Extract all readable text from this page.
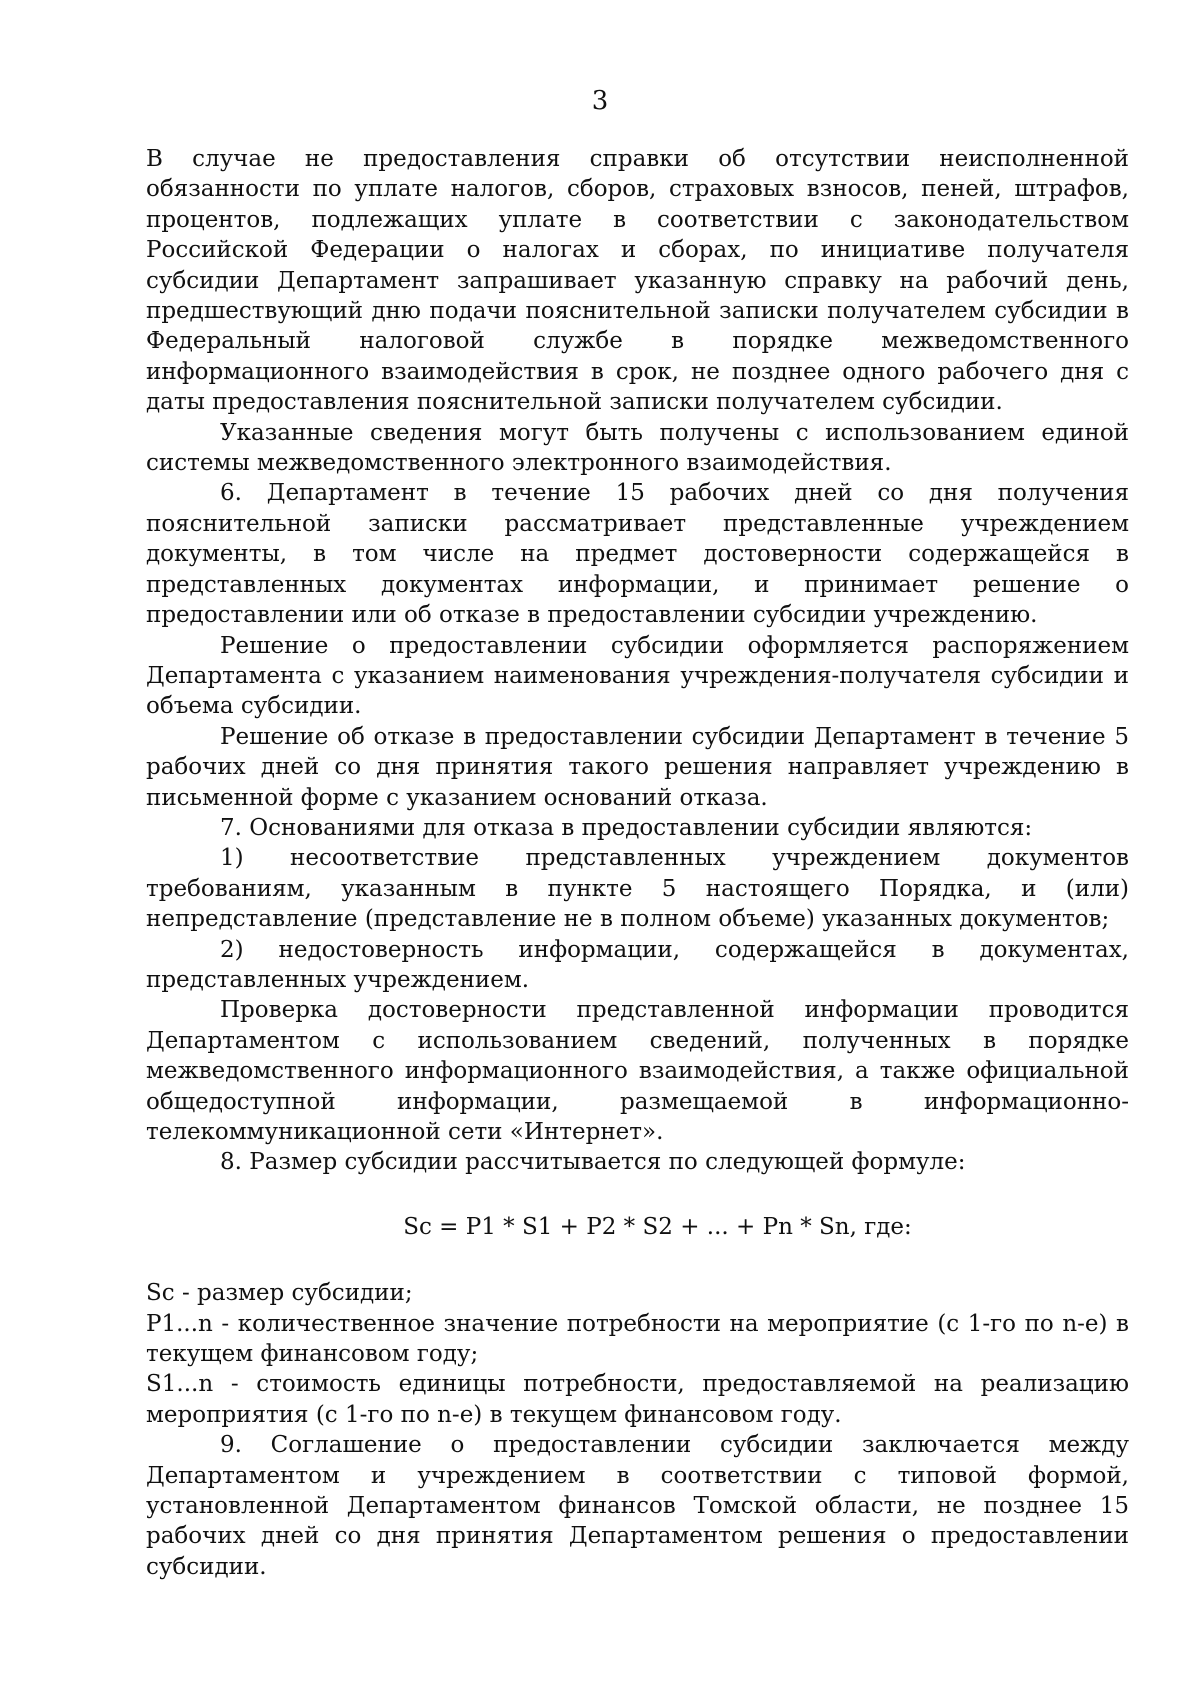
3

В случае не предоставления справки об отсутствии неисполненной обязанности по уплате налогов, сборов, страховых взносов, пеней, штрафов, процентов, подлежащих уплате в соответствии с законодательством Российской Федерации о налогах и сборах, по инициативе получателя субсидии Департамент запрашивает указанную справку на рабочий день, предшествующий дню подачи пояснительной записки получателем субсидии в Федеральный налоговой службе в порядке межведомственного информационного взаимодействия в срок, не позднее одного рабочего дня с даты предоставления пояснительной записки получателем субсидии.

Указанные сведения могут быть получены с использованием единой системы межведомственного электронного взаимодействия.

6. Департамент в течение 15 рабочих дней со дня получения пояснительной записки рассматривает представленные учреждением документы, в том числе на предмет достоверности содержащейся в представленных документах информации, и принимает решение о предоставлении или об отказе в предоставлении субсидии учреждению.

Решение о предоставлении субсидии оформляется распоряжением Департамента с указанием наименования учреждения-получателя субсидии и объема субсидии.

Решение об отказе в предоставлении субсидии Департамент в течение 5 рабочих дней со дня принятия такого решения направляет учреждению в письменной форме с указанием оснований отказа.

7. Основаниями для отказа в предоставлении субсидии являются:

1) несоответствие представленных учреждением документов требованиям, указанным в пункте 5 настоящего Порядка, и (или) непредставление (представление не в полном объеме) указанных документов;

2) недостоверность информации, содержащейся в документах, представленных учреждением.

Проверка достоверности представленной информации проводится Департаментом с использованием сведений, полученных в порядке межведомственного информационного взаимодействия, а также официальной общедоступной информации, размещаемой в информационно-телекоммуникационной сети «Интернет».

8. Размер субсидии рассчитывается по следующей формуле:

Sc = P1 * S1 + P2 * S2 + ... + Pn * Sn, где:

Sc - размер субсидии;

P1...n - количественное значение потребности на мероприятие (с 1-го по n-е) в текущем финансовом году;

S1...n - стоимость единицы потребности, предоставляемой на реализацию мероприятия (с 1-го по n-е) в текущем финансовом году.

9. Соглашение о предоставлении субсидии заключается между Департаментом и учреждением в соответствии с типовой формой, установленной Департаментом финансов Томской области, не позднее 15 рабочих дней со дня принятия Департаментом решения о предоставлении субсидии.
